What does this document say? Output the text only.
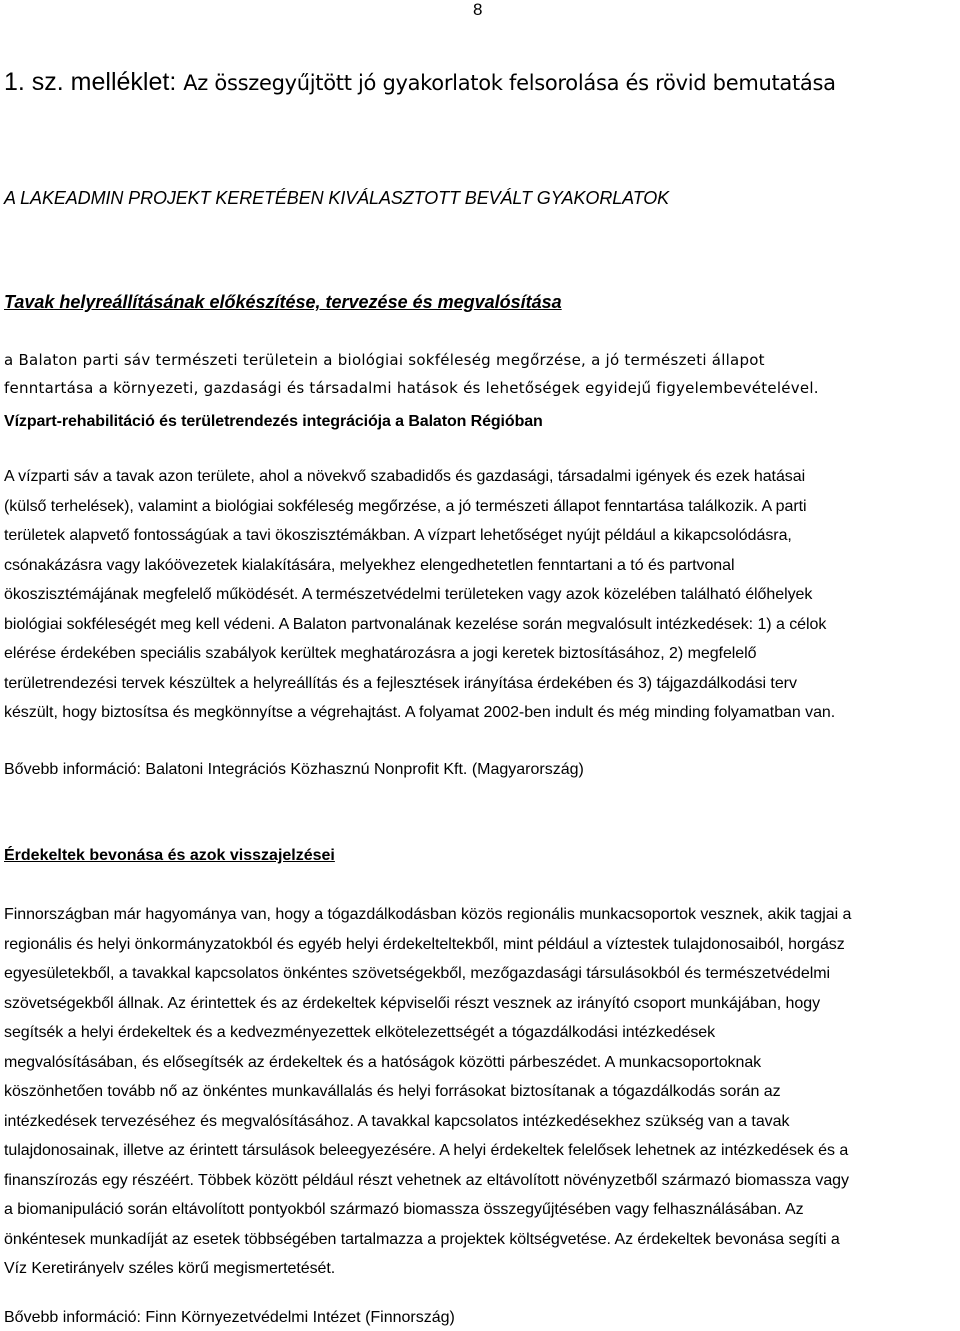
8
1. sz. melléklet: Az összegyűjtött jó gyakorlatok felsorolása és rövid bemutatása
A LAKEADMIN PROJEKT KERETÉBEN KIVÁLASZTOTT BEVÁLT GYAKORLATOK
Tavak helyreállításának előkészítése, tervezése és megvalósítása
a Balaton parti sáv természeti területein a biológiai sokféleség megőrzése, a jó természeti állapot
fenntartása a környezeti, gazdasági és társadalmi hatások és lehetőségek egyidejű figyelembevételével.
Vízpart-rehabilitáció és területrendezés integrációja a Balaton Régióban
A vízparti sáv a tavak azon területe, ahol a növekvő szabadidős és gazdasági, társadalmi igények és ezek hatásai
(külső terhelések), valamint a biológiai sokféleség megőrzése, a jó természeti állapot fenntartása találkozik. A parti
területek alapvető fontosságúak a tavi ökoszisztémákban. A vízpart lehetőséget nyújt például a kikapcsolódásra,
csónakázásra vagy lakóövezetek kialakítására, melyekhez elengedhetetlen fenntartani a tó és partvonal
ökoszisztémájának megfelelő működését. A természetvédelmi területeken vagy azok közelében található élőhelyek
biológiai sokféleségét meg kell védeni. A Balaton partvonalának kezelése során megvalósult intézkedések: 1) a célok
elérése érdekében speciális szabályok kerültek meghatározásra a jogi keretek biztosításához, 2) megfelelő
területrendezési tervek készültek a helyreállítás és a fejlesztések irányítása érdekében és 3) tájgazdálkodási terv
készült, hogy biztosítsa és megkönnyítse a végrehajtást. A folyamat 2002-ben indult és még minding folyamatban van.
Bővebb információ: Balatoni Integrációs Közhasznú Nonprofit Kft. (Magyarország)
Érdekeltek bevonása és azok visszajelzései
Finnországban már hagyománya van, hogy a tógazdálkodásban közös regionális munkacsoportok vesznek, akik tagjai a
regionális és helyi önkormányzatokból és egyéb helyi érdekelteltekből, mint például a víztestek tulajdonosaiból, horgász
egyesületekből, a tavakkal kapcsolatos önkéntes szövetségekből, mezőgazdasági társulásokból és természetvédelmi
szövetségekből állnak. Az érintettek és az érdekeltek képviselői részt vesznek az irányító csoport munkájában, hogy
segítsék a helyi érdekeltek és a kedvezményezettek elkötelezettségét a tógazdálkodási intézkedések
megvalósításában, és elősegítsék az érdekeltek és a hatóságok közötti párbeszédet. A munkacsoportoknak
köszönhetően tovább nő az önkéntes munkavállalás és helyi forrásokat biztosítanak a tógazdálkodás során az
intézkedések tervezéséhez és megvalósításához. A tavakkal kapcsolatos intézkedésekhez szükség van a tavak
tulajdonosainak, illetve az érintett társulások beleegyezésére. A helyi érdekeltek felelősek lehetnek az intézkedések és a
finanszírozás egy részéért. Többek között például részt vehetnek az eltávolított növényzetből származó biomassza vagy
a biomanipuláció során eltávolított pontyokból származó biomassza összegyűjtésében vagy felhasználásában. Az
önkéntesek munkadíját az esetek többségében tartalmazza a projektek költségvetése. Az érdekeltek bevonása segíti a
Víz Keretirányelv széles körű megismertetését.
Bővebb információ: Finn Környezetvédelmi Intézet (Finnország)
